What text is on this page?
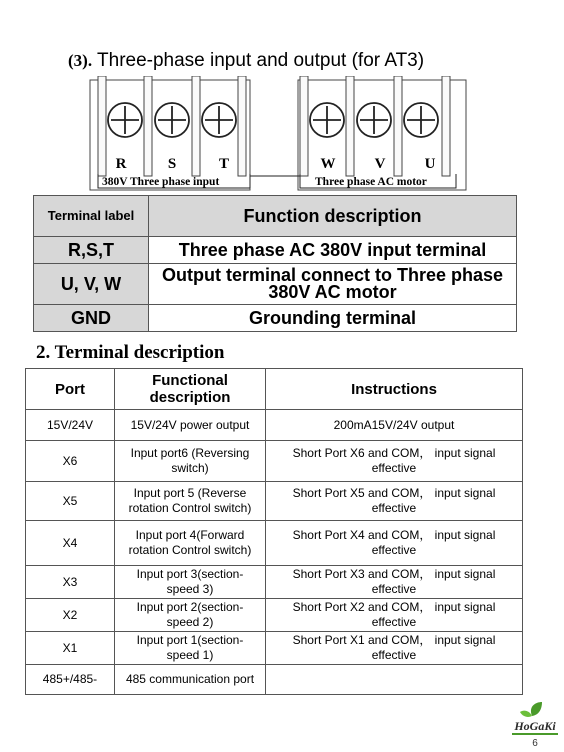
(3). Three-phase input and output (for AT3)
R	S	T	W	V	U
380V Three phase input	Three phase AC motor
Terminal label	Function description
R,S,T	Three phase AC 380V input terminal
U, V, W	Output terminal connect to Three phase 380V AC motor
GND	Grounding terminal
2. Terminal description
Port	Functional description	Instructions
15V/24V	15V/24V power output	200mA15V/24V output
X6	Input port6 (Reversing switch)	Short Port X6 and COM， input signal effective
X5	Input port 5 (Reverse rotation Control switch)	Short Port X5 and COM， input signal effective
X4	Input port 4(Forward rotation Control switch)	Short Port X4 and COM， input signal effective
X3	Input port 3(section-speed 3)	Short Port X3 and COM， input signal effective
X2	Input port 2(section-speed 2)	Short Port X2 and COM， input signal effective
X1	Input port 1(section-speed 1)	Short Port X1 and COM， input signal effective
485+/485-	485 communication port	
HoGaKi
6
